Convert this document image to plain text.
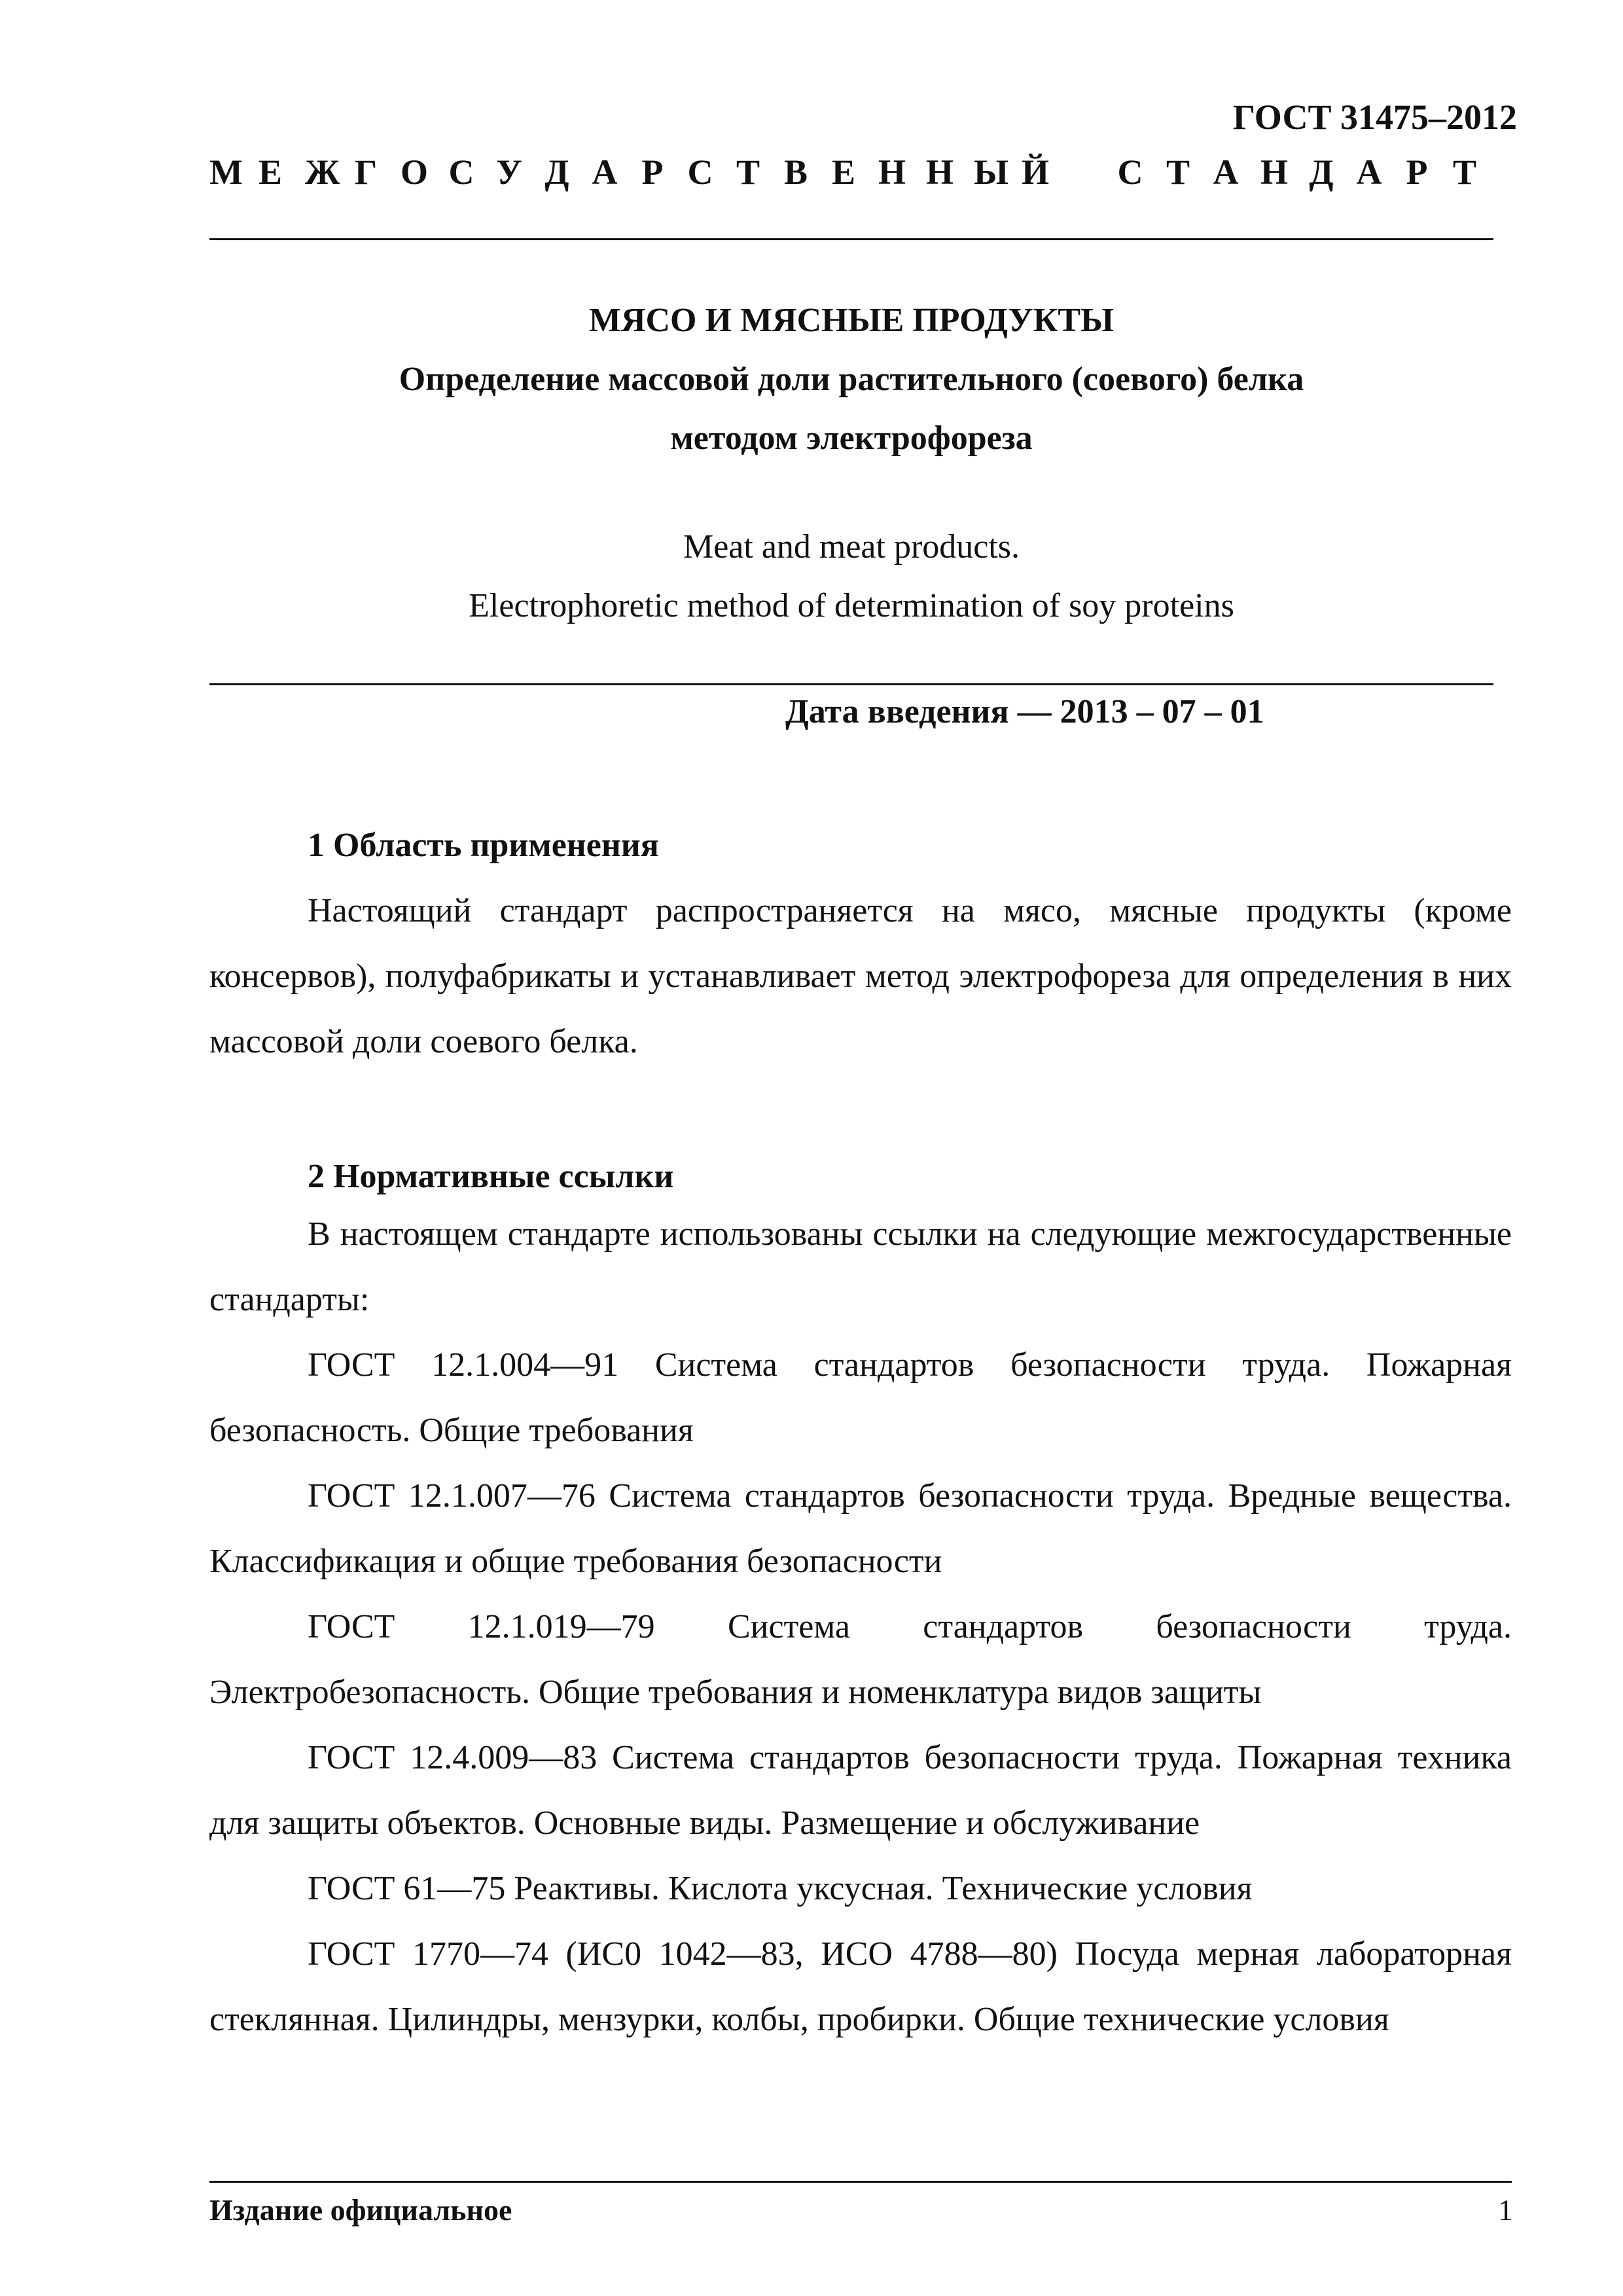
ГОСТ 31475–2012
М Е Ж Г О С У Д А Р С Т В Е Н Н Ы Й С Т А Н Д А Р Т
МЯСО И МЯСНЫЕ ПРОДУКТЫ
Определение массовой доли растительного (соевого) белка
методом электрофореза
Meat and meat products.
Electrophoretic method of determination of soy proteins
Дата введения — 2013 – 07 – 01
1 Область применения

Настоящий стандарт распространяется на мясо, мясные продукты (кроме консервов), полуфабрикаты и устанавливает метод электрофореза для определения в них массовой доли соевого белка.

2 Нормативные ссылки

В настоящем стандарте использованы ссылки на следующие межгосударственные стандарты:

ГОСТ 12.1.004—91 Система стандартов безопасности труда. Пожарная безопасность. Общие требования

ГОСТ 12.1.007—76 Система стандартов безопасности труда. Вредные вещества. Классификация и общие требования безопасности

ГОСТ 12.1.019—79 Система стандартов безопасности труда. Электробезопасность. Общие требования и номенклатура видов защиты

ГОСТ 12.4.009—83 Система стандартов безопасности труда. Пожарная техника для защиты объектов. Основные виды. Размещение и обслуживание

ГОСТ 61—75 Реактивы. Кислота уксусная. Технические условия

ГОСТ 1770—74 (ИС0 1042—83, ИСО 4788—80) Посуда мерная лабораторная стеклянная. Цилиндры, мензурки, колбы, пробирки. Общие технические условия

Издание официальное	1
